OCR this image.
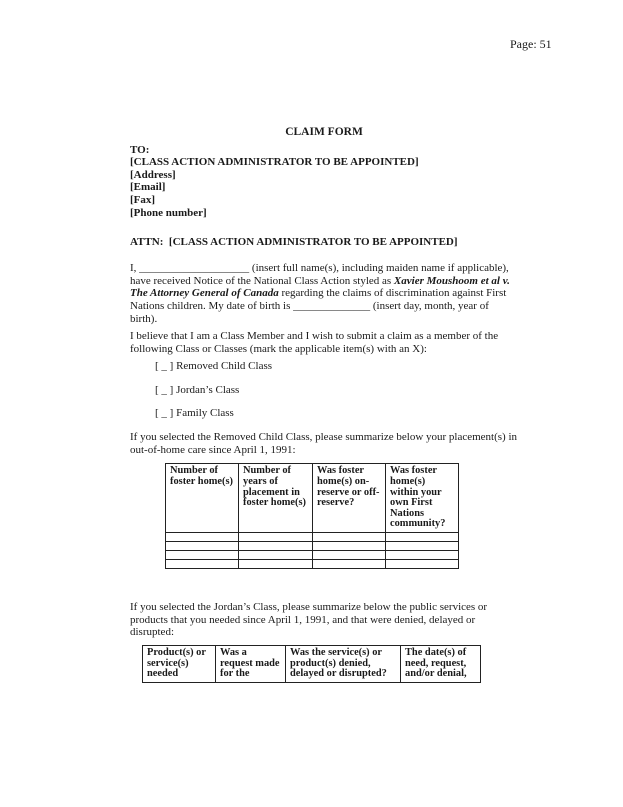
Page: 51
CLAIM FORM
TO:
[CLASS ACTION ADMINISTRATOR TO BE APPOINTED]
[Address]
[Email]
[Fax]
[Phone number]
ATTN:  [CLASS ACTION ADMINISTRATOR TO BE APPOINTED]

I, ____________________ (insert full name(s), including maiden name if applicable), have received Notice of the National Class Action styled as Xavier Moushoom et al v. The Attorney General of Canada regarding the claims of discrimination against First Nations children. My date of birth is ______________ (insert day, month, year of birth).

I believe that I am a Class Member and I wish to submit a claim as a member of the following Class or Classes (mark the applicable item(s) with an X):

[ _ ] Removed Child Class
[ _ ] Jordan’s Class
[ _ ] Family Class

If you selected the Removed Child Class, please summarize below your placement(s) in out-of-home care since April 1, 1991:

Number of foster home(s)	Number of years of placement in foster home(s)	Was foster home(s) on-reserve or off-reserve?	Was foster home(s) within your own First Nations community?

If you selected the Jordan’s Class, please summarize below the public services or products that you needed since April 1, 1991, and that were denied, delayed or disrupted:

Product(s) or service(s) needed	Was a request made for the	Was the service(s) or product(s) denied, delayed or disrupted?	The date(s) of need, request, and/or denial,
